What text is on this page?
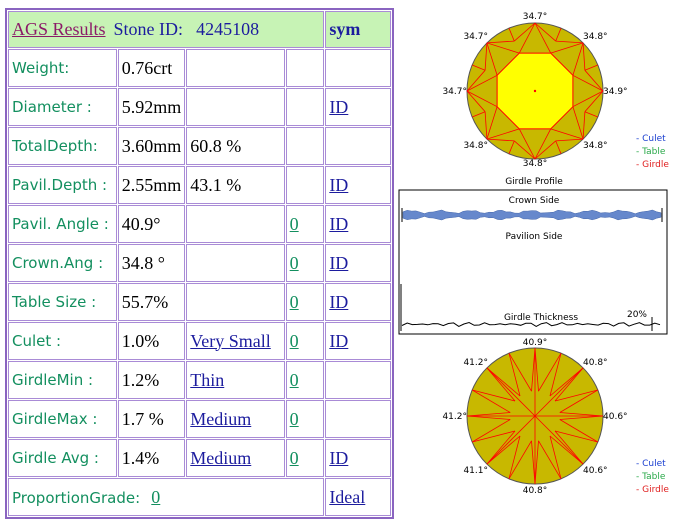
AGS Results Stone ID: 4245108				sym
Weight:	0.76crt			
Diameter :	5.92mm			ID
TotalDepth:	3.60mm	60.8 %		
Pavil.Depth :	2.55mm	43.1 %		ID
Pavil. Angle :	40.9°		0	ID
Crown.Ang :	34.8 °		0	ID
Table Size :	55.7%		0	ID
Culet :	1.0%	Very Small	0	ID
GirdleMin :	1.2%	Thin	0	
GirdleMax :	1.7 %	Medium	0	
Girdle Avg :	1.4%	Medium	0	ID
ProportionGrade: 0				Ideal
34.7°
34.7°	34.8°
34.7°	34.9°
34.8°	34.8°
34.8°
- Culet
- Table
- Girdle
Girdle Profile
Crown Side
Pavilion Side
Girdle Thickness	20%
40.9°
41.2°	40.8°
41.2°	40.6°
41.1°	40.6°
40.8°
- Culet
- Table
- Girdle
